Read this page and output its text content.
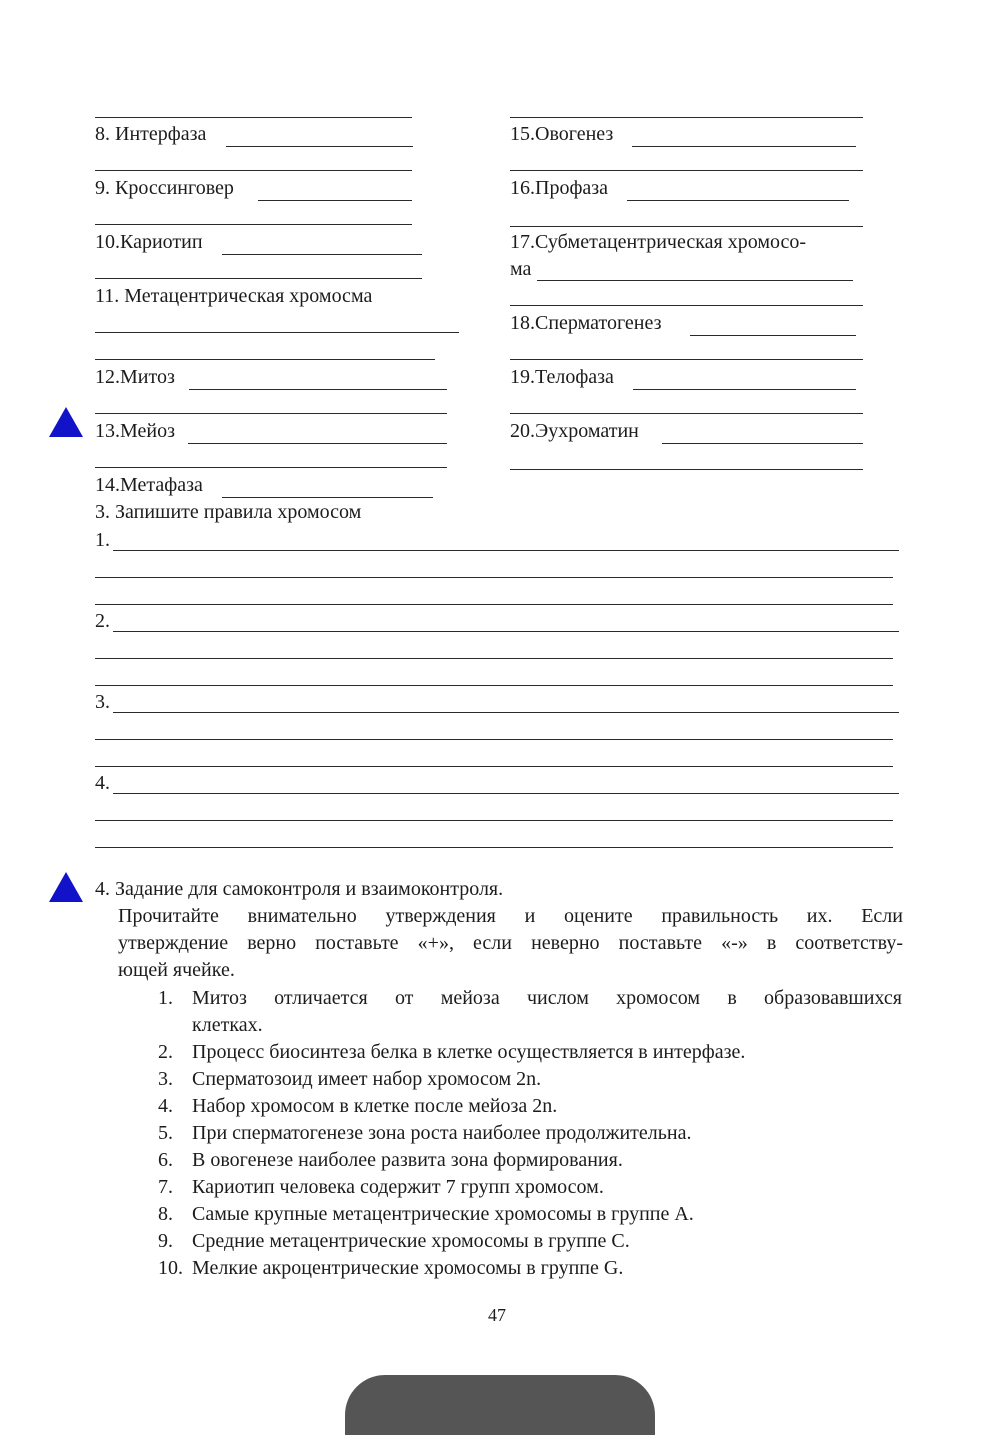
8. Интерфаза
9. Кроссинговер
10.Кариотип
11. Метацентрическая хромосма
12.Митоз
13.Мейоз
14.Метафаза
15.Овогенез
16.Профаза
17.Субметацентрическая хромосо-
ма
18.Сперматогенез
19.Телофаза
20.Эухроматин
3. Запишите правила хромосом
1.
2.
3.
4.
4. Задание для самоконтроля и взаимоконтроля.
Прочитайте внимательно утверждения и оцените правильность их. Если
утверждение верно поставьте «+», если неверно поставьте «-» в соответству-
ющей ячейке.
1. Митоз отличается от мейоза числом хромосом в образовавшихся
клетках.
2. Процесс биосинтеза белка в клетке осуществляется в интерфазе.
3. Сперматозоид имеет набор хромосом 2n.
4. Набор хромосом в клетке после мейоза 2n.
5. При сперматогенезе зона роста наиболее продолжительна.
6. В овогенезе наиболее развита зона формирования.
7. Кариотип человека содержит 7 групп хромосом.
8. Самые крупные метацентрические хромосомы в группе А.
9. Средние метацентрические хромосомы в группе С.
10. Мелкие акроцентрические хромосомы в группе G.
47
